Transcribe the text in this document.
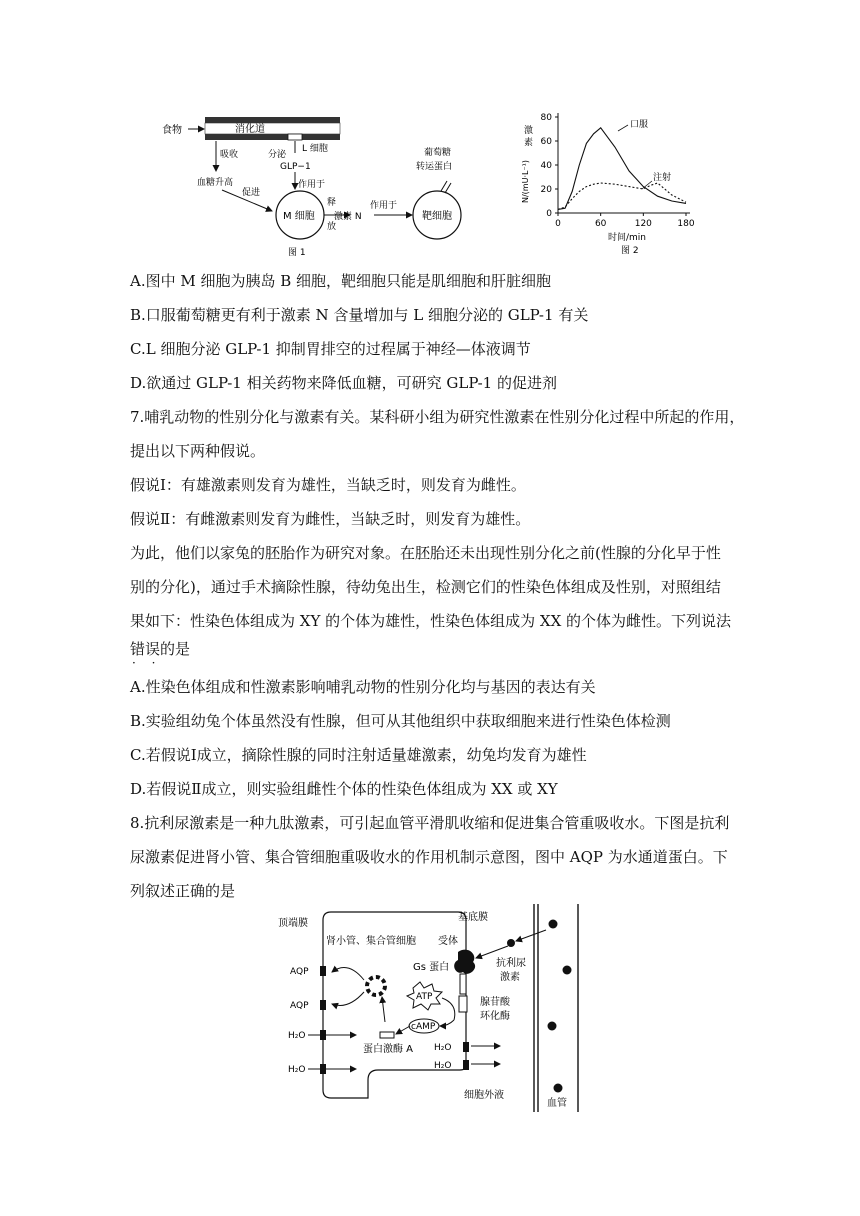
消化道
食物
分泌
L 细胞
GLP−1
吸收
血糖升高
促进
作用于
M 细胞
释
放
激素 N
作用于
靶细胞
葡萄糖
转运蛋白
图 1
激
素
N/(mU·L⁻¹)
0
20
40
60
80
0	60	120	180
口服
注射
时间/min
图 2
A.图中 M 细胞为胰岛 B 细胞，靶细胞只能是肌细胞和肝脏细胞
B.口服葡萄糖更有利于激素 N 含量增加与 L 细胞分泌的 GLP-1 有关
C.L 细胞分泌 GLP-1 抑制胃排空的过程属于神经—体液调节
D.欲通过 GLP-1 相关药物来降低血糖，可研究 GLP-1 的促进剂
7.哺乳动物的性别分化与激素有关。某科研小组为研究性激素在性别分化过程中所起的作用，
提出以下两种假说。
假说Ⅰ：有雄激素则发育为雄性，当缺乏时，则发育为雌性。
假说Ⅱ：有雌激素则发育为雌性，当缺乏时，则发育为雄性。
为此，他们以家兔的胚胎作为研究对象。在胚胎还未出现性别分化之前(性腺的分化早于性
别的分化)，通过手术摘除性腺，待幼兔出生，检测它们的性染色体组成及性别，对照组结
果如下：性染色体组成为 XY 的个体为雄性，性染色体组成为 XX 的个体为雌性。下列说法
错误 · ·的是
A.性染色体组成和性激素影响哺乳动物的性别分化均与基因的表达有关
B.实验组幼兔个体虽然没有性腺，但可从其他组织中获取细胞来进行性染色体检测
C.若假说Ⅰ成立，摘除性腺的同时注射适量雄激素，幼兔均发育为雄性
D.若假说Ⅱ成立，则实验组雌性个体的性染色体组成为 XX 或 XY
8.抗利尿激素是一种九肽激素，可引起血管平滑肌收缩和促进集合管重吸收水。下图是抗利
尿激素促进肾小管、集合管细胞重吸收水的作用机制示意图，图中 AQP 为水通道蛋白。下
列叙述正确的是
顶端膜
基底膜
肾小管、集合管细胞 受体
Gs 蛋白	抗利尿
激素
ATP
cAMP
腺苷酸
环化酶
蛋白激酶 A
AQP
AQP
H₂O
H₂O
H₂O
H₂O
细胞外液
血管
